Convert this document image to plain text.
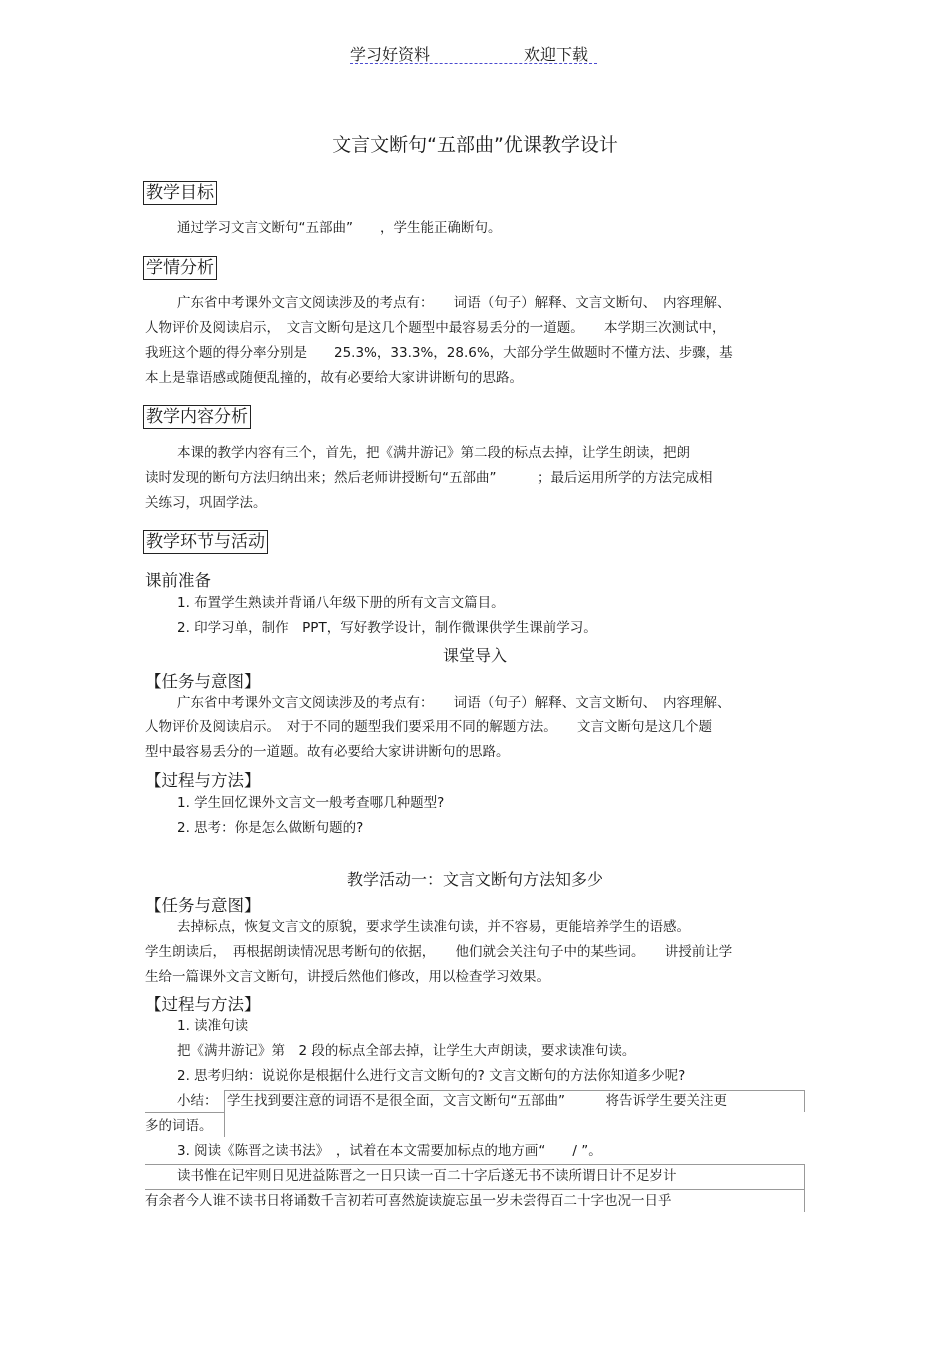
学习好资料	欢迎下载
文言文断句“五部曲”优课教学设计
教学目标
通过学习文言文断句“五部曲”　　，学生能正确断句。
学情分析
广东省中考课外文言文阅读涉及的考点有：　　词语（句子）解释、文言文断句、　内容理解、
人物评价及阅读启示，　文言文断句是这几个题型中最容易丢分的一道题。　　本学期三次测试中，
我班这个题的得分率分别是　　25.3%，33.3%，28.6%，大部分学生做题时不懂方法、步骤，基
本上是靠语感或随便乱撞的，故有必要给大家讲讲断句的思路。
教学内容分析
本课的教学内容有三个，首先，把《满井游记》第二段的标点去掉，让学生朗读，把朗
读时发现的断句方法归纳出来；然后老师讲授断句“五部曲”　　　；最后运用所学的方法完成相
关练习，巩固学法。
教学环节与活动
课前准备
1. 布置学生熟读并背诵八年级下册的所有文言文篇目。
2. 印学习单，制作　PPT，写好教学设计，制作微课供学生课前学习。
课堂导入
【任务与意图】
广东省中考课外文言文阅读涉及的考点有：　　词语（句子）解释、文言文断句、　内容理解、
人物评价及阅读启示。　对于不同的题型我们要采用不同的解题方法。　　文言文断句是这几个题
型中最容易丢分的一道题。故有必要给大家讲讲断句的思路。
【过程与方法】
1. 学生回忆课外文言文一般考查哪几种题型?
2. 思考：你是怎么做断句题的?
教学活动一：文言文断句方法知多少
【任务与意图】
去掉标点，恢复文言文的原貌，要求学生读准句读，并不容易，更能培养学生的语感。
学生朗读后，　再根据朗读情况思考断句的依据，　　他们就会关注句子中的某些词。　　讲授前让学
生给一篇课外文言文断句，讲授后然他们修改，用以检查学习效果。
【过程与方法】
1. 读准句读
把《满井游记》第　2 段的标点全部去掉，让学生大声朗读，要求读准句读。
2. 思考归纳：说说你是根据什么进行文言文断句的? 文言文断句的方法你知道多少呢?
小结： 学生找到要注意的词语不是很全面，文言文断句“五部曲”　　　将告诉学生要关注更
多的词语。
3. 阅读《陈晋之读书法》　，试着在本文需要加标点的地方画“　　/ ”。
读书惟在记牢则日见进益陈晋之一日只读一百二十字后遂无书不读所谓日计不足岁计
有余者今人谁不读书日将诵数千言初若可喜然旋读旋忘虽一岁未尝得百二十字也况一日乎
